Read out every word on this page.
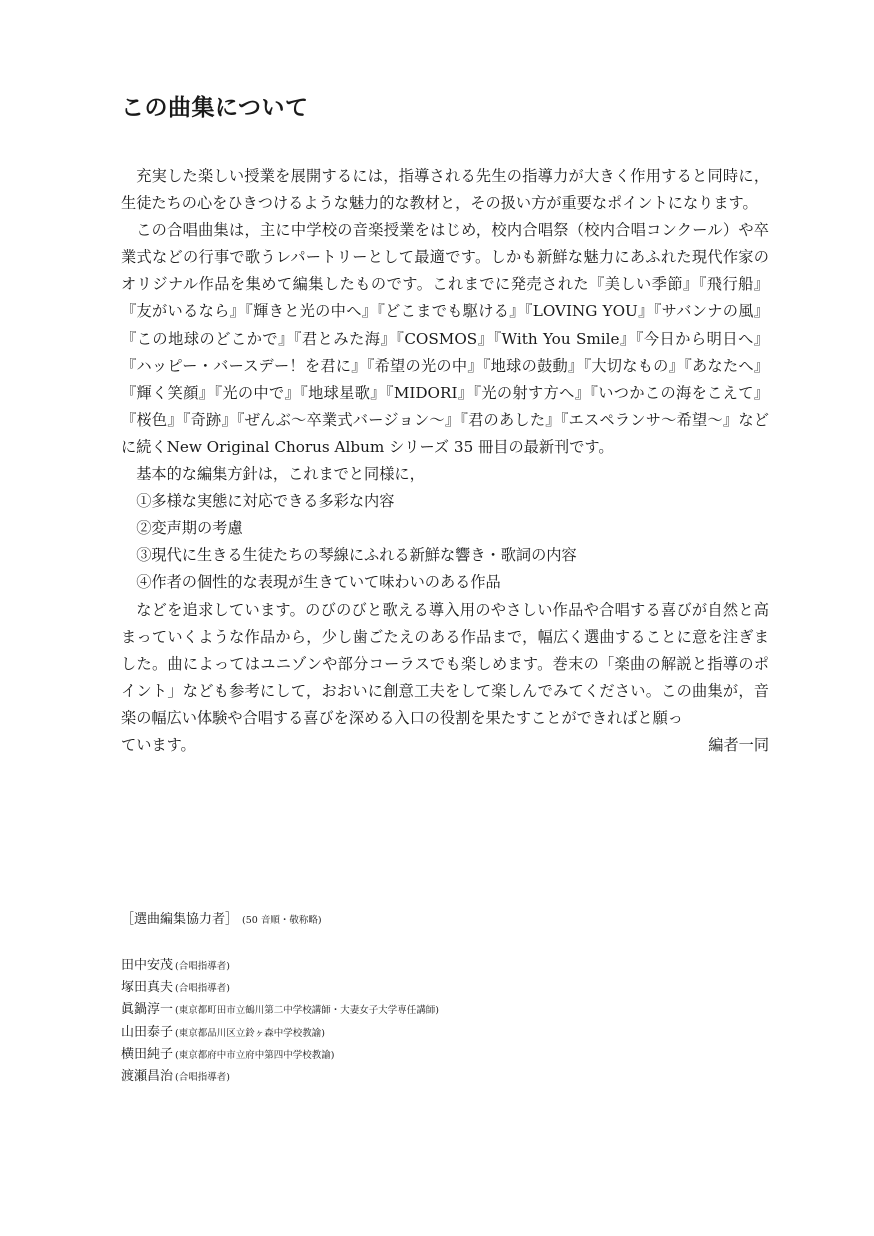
この曲集について

充実した楽しい授業を展開するには，指導される先生の指導力が大きく作用すると同時に，生徒たちの心をひきつけるような魅力的な教材と，その扱い方が重要なポイントになります。

この合唱曲集は，主に中学校の音楽授業をはじめ，校内合唱祭（校内合唱コンクール）や卒業式などの行事で歌うレパートリーとして最適です。しかも新鮮な魅力にあふれた現代作家のオリジナル作品を集めて編集したものです。これまでに発売された『美しい季節』『飛行船』『友がいるなら』『輝きと光の中へ』『どこまでも駆ける』『LOVING YOU』『サバンナの風』『この地球のどこかで』『君とみた海』『COSMOS』『With You Smile』『今日から明日へ』『ハッピー・バースデー！を君に』『希望の光の中』『地球の鼓動』『大切なもの』『あなたへ』『輝く笑顔』『光の中で』『地球星歌』『MIDORI』『光の射す方へ』『いつかこの海をこえて』『桜色』『奇跡』『ぜんぶ〜卒業式バージョン〜』『君のあした』『エスペランサ〜希望〜』などに続くNew Original Chorus Album シリーズ 35 冊目の最新刊です。

基本的な編集方針は，これまでと同様に，

①多様な実態に対応できる多彩な内容
②変声期の考慮
③現代に生きる生徒たちの琴線にふれる新鮮な響き・歌詞の内容
④作者の個性的な表現が生きていて味わいのある作品

などを追求しています。のびのびと歌える導入用のやさしい作品や合唱する喜びが自然と高まっていくような作品から，少し歯ごたえのある作品まで，幅広く選曲することに意を注ぎました。曲によってはユニゾンや部分コーラスでも楽しめます。巻末の「楽曲の解説と指導のポイント」なども参考にして，おおいに創意工夫をして楽しんでみてください。この曲集が，音楽の幅広い体験や合唱する喜びを深める入口の役割を果たすことができればと願っ

ています。	編者一同
［選曲編集協力者］ (50 音順・敬称略)
田中安茂 (合唱指導者)
塚田真夫 (合唱指導者)
眞鍋淳一 (東京都町田市立鶴川第二中学校講師・大妻女子大学専任講師)
山田泰子 (東京都品川区立鈴ヶ森中学校教諭)
横田純子 (東京都府中市立府中第四中学校教諭)
渡瀬昌治 (合唱指導者)
